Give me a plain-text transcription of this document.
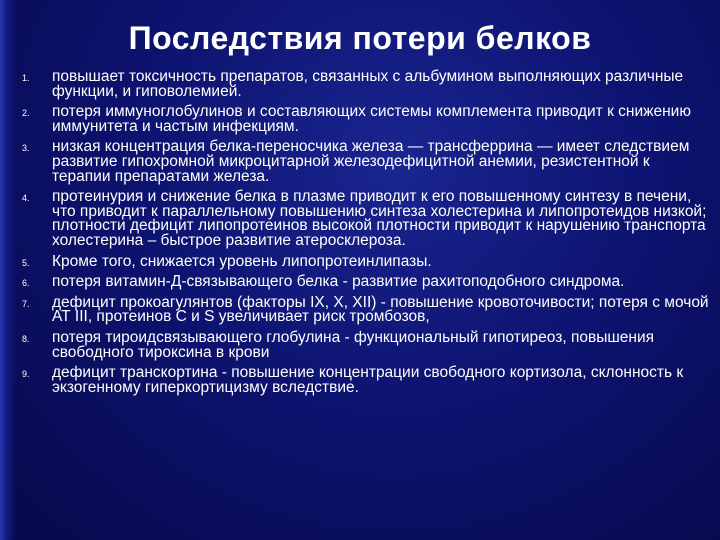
Последствия потери белков
1. повышает токсичность препаратов, связанных с альбумином выполняющих различные функции, и гиповолемией.
2. потеря иммуноглобулинов и составляющих системы комплемента приводит к снижению иммунитета и частым инфекциям.
3. низкая концентрация белка-переносчика железа — трансферрина — имеет следствием развитие гипохромной микроцитарной железодефицитной анемии, резистентной к терапии препаратами железа.
4. протеинурия и снижение белка в плазме приводит к его повышенному синтезу в печени, что приводит к параллельному повышению синтеза холестерина и липопротеидов низкой; плотности дефицит липопротеинов высокой плотности приводит к нарушению транспорта холестерина – быстрое развитие атеросклероза.
5. Кроме того, снижается уровень липопротеинлипазы.
6. потеря витамин-Д-связывающего белка - развитие рахитоподобного синдрома.
7. дефицит прокоагулянтов (факторы IX, X, XII) - повышение кровоточивости; потеря с мочой АТ III, протеинов С и S увеличивает риск тромбозов,
8. потеря тироидсвязывающего глобулина - функциональный гипотиреоз, повышения свободного тироксина в крови
9. дефицит транскортина - повышение концентрации свободного кортизола, склонность к экзогенному гиперкортицизму вследствие.
